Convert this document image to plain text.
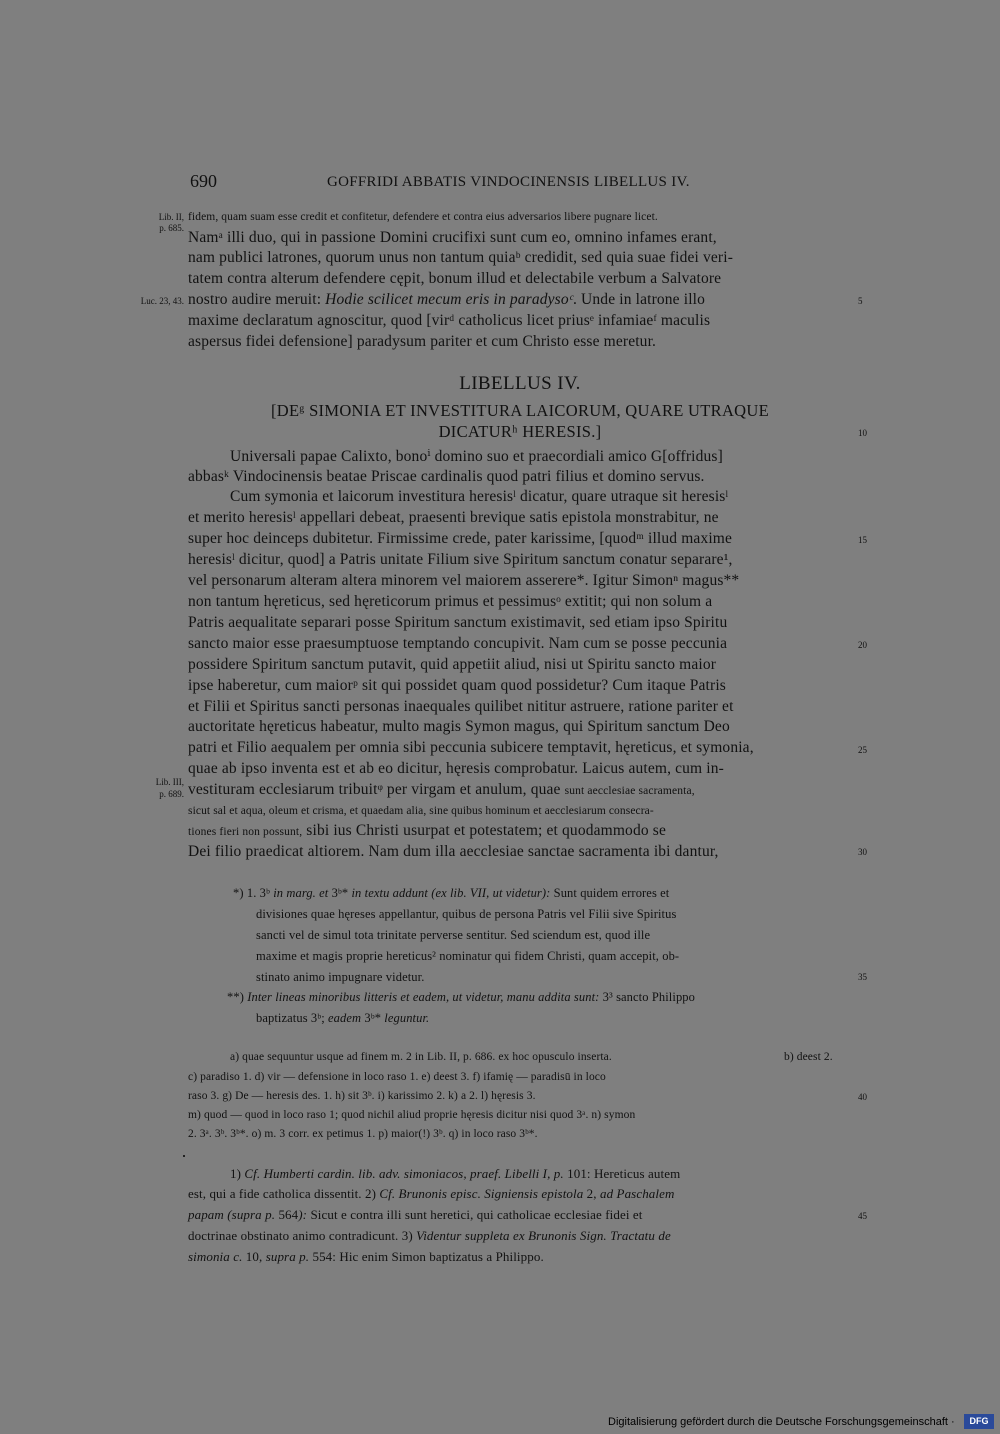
690	GOFFRIDI ABBATIS VINDOCINENSIS LIBELLUS IV.
Lib. II,
p. 685.
Luc. 23, 43.
Lib. III,
p. 689.
5
10
15
20
25
30
35
40
45
fidem, quam suam esse credit et confitetur, defendere et contra eius adversarios libere pugnare licet.
Namᵃ illi duo, qui in passione Domini crucifixi sunt cum eo, omnino infames erant,
nam publici latrones, quorum unus non tantum quiaᵇ credidit, sed quia suae fidei veri-
tatem contra alterum defendere cępit, bonum illud et delectabile verbum a Salvatore
nostro audire meruit: Hodie scilicet mecum eris in paradysoᶜ. Unde in latrone illo
maxime declaratum agnoscitur, quod [virᵈ catholicus licet priusᵉ infamiaeᶠ maculis
aspersus fidei defensione] paradysum pariter et cum Christo esse meretur.
LIBELLUS IV.
[DEᵍ SIMONIA ET INVESTITURA LAICORUM, QUARE UTRAQUE
DICATURʰ HERESIS.]
Universali papae Calixto, bonoⁱ domino suo et praecordiali amico G[offridus]
abbasᵏ Vindocinensis beatae Priscae cardinalis quod patri filius et domino servus.
Cum symonia et laicorum investitura heresisˡ dicatur, quare utraque sit heresisˡ
et merito heresisˡ appellari debeat, praesenti brevique satis epistola monstrabitur, ne
super hoc deinceps dubitetur. Firmissime crede, pater karissime, [quodᵐ illud maxime
heresisˡ dicitur, quod] a Patris unitate Filium sive Spiritum sanctum conatur separare¹,
vel personarum alteram altera minorem vel maiorem asserere*. Igitur Simonⁿ magus**
non tantum hęreticus, sed hęreticorum primus et pessimusᵒ extitit; qui non solum a
Patris aequalitate separari posse Spiritum sanctum existimavit, sed etiam ipso Spiritu
sancto maior esse praesumptuose temptando concupivit. Nam cum se posse peccunia
possidere Spiritum sanctum putavit, quid appetiit aliud, nisi ut Spiritu sancto maior
ipse haberetur, cum maiorᵖ sit qui possidet quam quod possidetur? Cum itaque Patris
et Filii et Spiritus sancti personas inaequales quilibet nititur astruere, ratione pariter et
auctoritate hęreticus habeatur, multo magis Symon magus, qui Spiritum sanctum Deo
patri et Filio aequalem per omnia sibi peccunia subicere temptavit, hęreticus, et symonia,
quae ab ipso inventa est et ab eo dicitur, hęresis comprobatur. Laicus autem, cum in-
vestituram ecclesiarum tribuitᵠ per virgam et anulum, quae sunt aecclesiae sacramenta,
sicut sal et aqua, oleum et crisma, et quaedam alia, sine quibus hominum et aecclesiarum consecra-
tiones fieri non possunt, sibi ius Christi usurpat et potestatem; et quodammodo se
Dei filio praedicat altiorem. Nam dum illa aecclesiae sanctae sacramenta ibi dantur,
*) 1. 3ᵇ in marg. et 3ᵇ* in textu addunt (ex lib. VII, ut videtur): Sunt quidem errores et
divisiones quae hęreses appellantur, quibus de persona Patris vel Filii sive Spiritus
sancti vel de simul tota trinitate perverse sentitur. Sed sciendum est, quod ille
maxime et magis proprie hereticus² nominatur qui fidem Christi, quam accepit, ob-
stinato animo impugnare videtur.
**) Inter lineas minoribus litteris et eadem, ut videtur, manu addita sunt: 3³ sancto Philippo
baptizatus 3ᵇ; eadem 3ᵇ* leguntur.
a) quae sequuntur usque ad finem m. 2 in Lib. II, p. 686. ex hoc opusculo inserta.	b) deest 2.
c) paradiso 1. d) vir — defensione in loco raso 1. e) deest 3. f) ifamię — paradisū in loco
raso 3. g) De — heresis des. 1. h) sit 3ᵇ. i) karissimo 2. k) a 2. l) hęresis 3.
m) quod — quod in loco raso 1; quod nichil aliud proprie hęresis dicitur nisi quod 3ᵃ. n) symon
2. 3ᵃ. 3ᵇ. 3ᵇ*. o) m. 3 corr. ex petimus 1. p) maior(!) 3ᵇ. q) in loco raso 3ᵇ*.
1) Cf. Humberti cardin. lib. adv. simoniacos, praef. Libelli I, p. 101: Hereticus autem
est, qui a fide catholica dissentit. 2) Cf. Brunonis episc. Signiensis epistola 2, ad Paschalem
papam (supra p. 564): Sicut e contra illi sunt heretici, qui catholicae ecclesiae fidei et
doctrinae obstinato animo contradicunt. 3) Videntur suppleta ex Brunonis Sign. Tractatu de
simonia c. 10, supra p. 554: Hic enim Simon baptizatus a Philippo.
Digitalisierung gefördert durch die Deutsche Forschungsgemeinschaft ·	DFG
